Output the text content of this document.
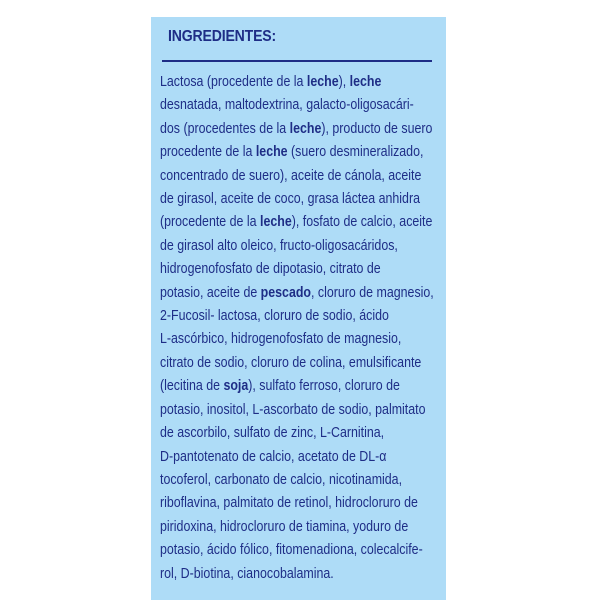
INGREDIENTES:
Lactosa (procedente de la leche), leche
desnatada, maltodextrina, galacto-oligosacári-
dos (procedentes de la leche), producto de suero
procedente de la leche (suero desmineralizado,
concentrado de suero), aceite de cánola, aceite
de girasol, aceite de coco, grasa láctea anhidra
(procedente de la leche), fosfato de calcio, aceite
de girasol alto oleico, fructo-oligosacáridos,
hidrogenofosfato de dipotasio, citrato de
potasio, aceite de pescado, cloruro de magnesio,
2-Fucosil- lactosa, cloruro de sodio, ácido
L-ascórbico, hidrogenofosfato de magnesio,
citrato de sodio, cloruro de colina, emulsificante
(lecitina de soja), sulfato ferroso, cloruro de
potasio, inositol, L-ascorbato de sodio, palmitato
de ascorbilo, sulfato de zinc, L-Carnitina,
D-pantotenato de calcio, acetato de DL-α
tocoferol, carbonato de calcio, nicotinamida,
riboflavina, palmitato de retinol, hidrocloruro de
piridoxina, hidrocloruro de tiamina, yoduro de
potasio, ácido fólico, fitomenadiona, colecalcife-
rol, D-biotina, cianocobalamina.
